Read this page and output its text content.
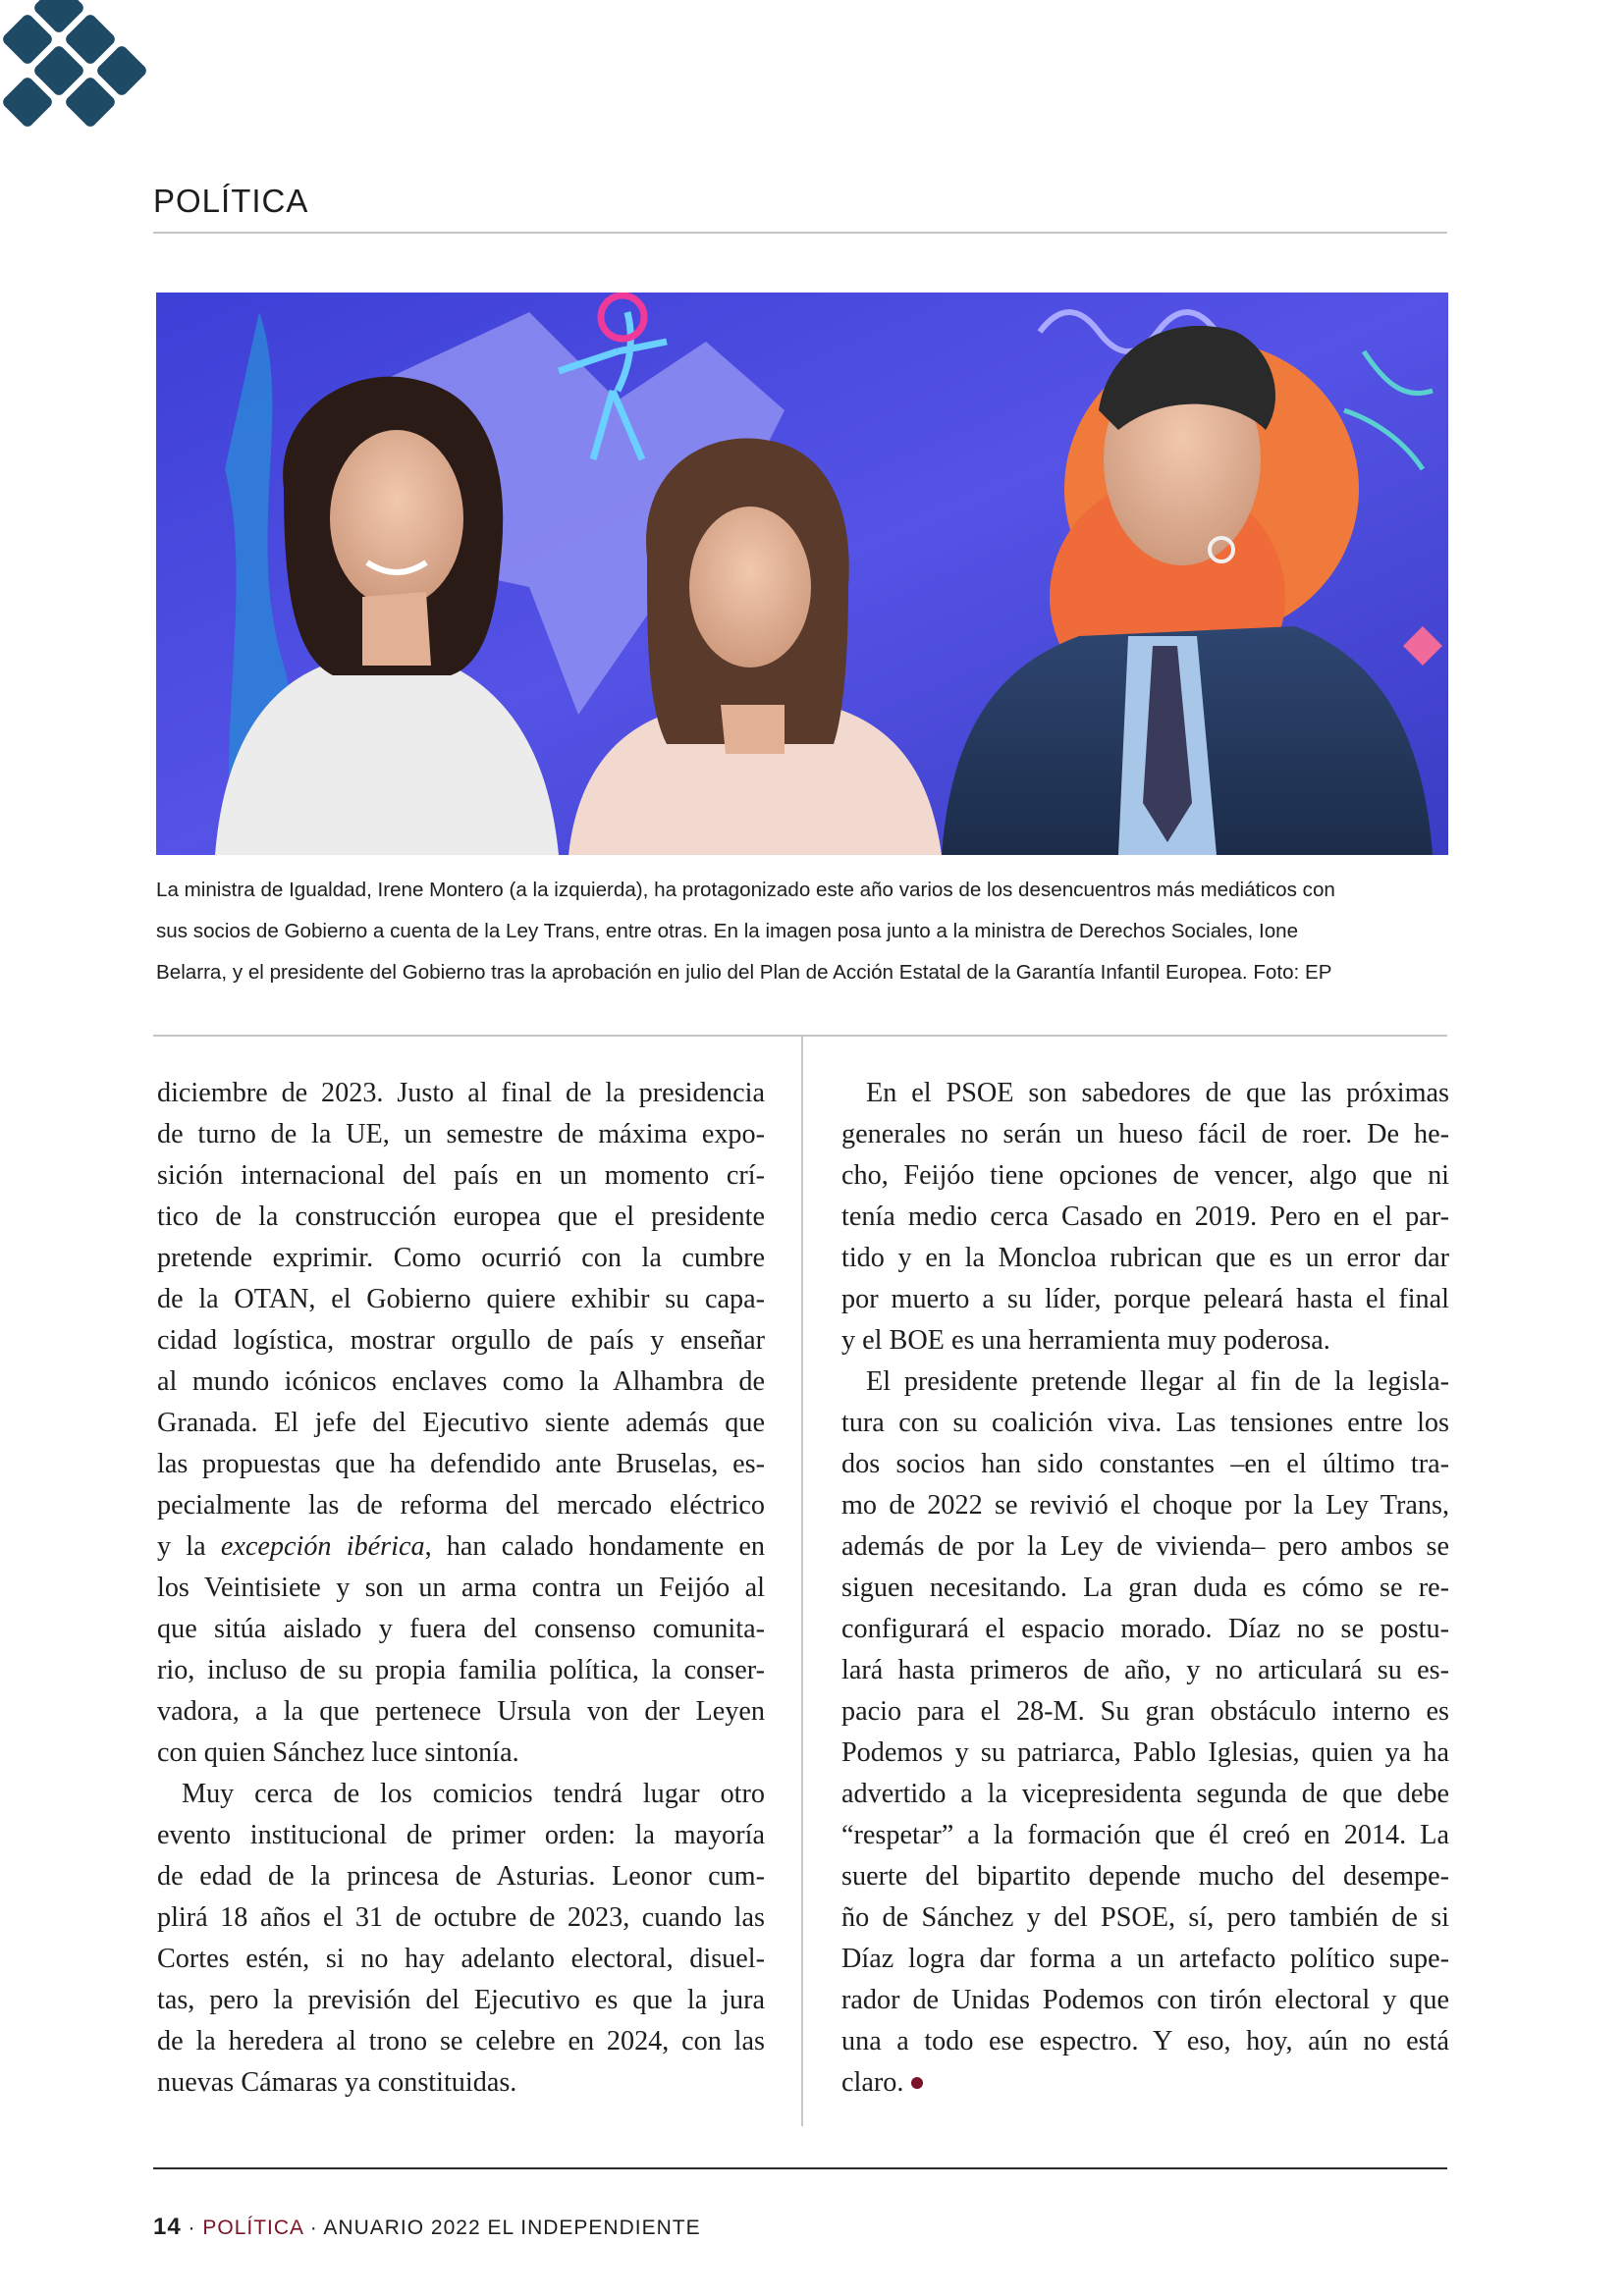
POLÍTICA
La ministra de Igualdad, Irene Montero (a la izquierda), ha protagonizado este año varios de los desencuentros más mediáticos con
sus socios de Gobierno a cuenta de la Ley Trans, entre otras. En la imagen posa junto a la ministra de Derechos Sociales, Ione
Belarra, y el presidente del Gobierno tras la aprobación en julio del Plan de Acción Estatal de la Garantía Infantil Europea. Foto: EP
diciembre de 2023. Justo al final de la presidencia
de turno de la UE, un semestre de máxima expo-
sición internacional del país en un momento crí-
tico de la construcción europea que el presidente
pretende exprimir. Como ocurrió con la cumbre
de la OTAN, el Gobierno quiere exhibir su capa-
cidad logística, mostrar orgullo de país y enseñar
al mundo icónicos enclaves como la Alhambra de
Granada. El jefe del Ejecutivo siente además que
las propuestas que ha defendido ante Bruselas, es-
pecialmente las de reforma del mercado eléctrico
y la excepción ibérica, han calado hondamente en
los Veintisiete y son un arma contra un Feijóo al
que sitúa aislado y fuera del consenso comunita-
rio, incluso de su propia familia política, la conser-
vadora, a la que pertenece Ursula von der Leyen
con quien Sánchez luce sintonía.
Muy cerca de los comicios tendrá lugar otro
evento institucional de primer orden: la mayoría
de edad de la princesa de Asturias. Leonor cum-
plirá 18 años el 31 de octubre de 2023, cuando las
Cortes estén, si no hay adelanto electoral, disuel-
tas, pero la previsión del Ejecutivo es que la jura
de la heredera al trono se celebre en 2024, con las
nuevas Cámaras ya constituidas.
En el PSOE son sabedores de que las próximas
generales no serán un hueso fácil de roer. De he-
cho, Feijóo tiene opciones de vencer, algo que ni
tenía medio cerca Casado en 2019. Pero en el par-
tido y en la Moncloa rubrican que es un error dar
por muerto a su líder, porque peleará hasta el final
y el BOE es una herramienta muy poderosa.
El presidente pretende llegar al fin de la legisla-
tura con su coalición viva. Las tensiones entre los
dos socios han sido constantes –en el último tra-
mo de 2022 se revivió el choque por la Ley Trans,
además de por la Ley de vivienda– pero ambos se
siguen necesitando. La gran duda es cómo se re-
configurará el espacio morado. Díaz no se postu-
lará hasta primeros de año, y no articulará su es-
pacio para el 28-M. Su gran obstáculo interno es
Podemos y su patriarca, Pablo Iglesias, quien ya ha
advertido a la vicepresidenta segunda de que debe
“respetar” a la formación que él creó en 2014. La
suerte del bipartito depende mucho del desempe-
ño de Sánchez y del PSOE, sí, pero también de si
Díaz logra dar forma a un artefacto político supe-
rador de Unidas Podemos con tirón electoral y que
una a todo ese espectro. Y eso, hoy, aún no está
claro.
14 · POLÍTICA · ANUARIO 2022 EL INDEPENDIENTE
